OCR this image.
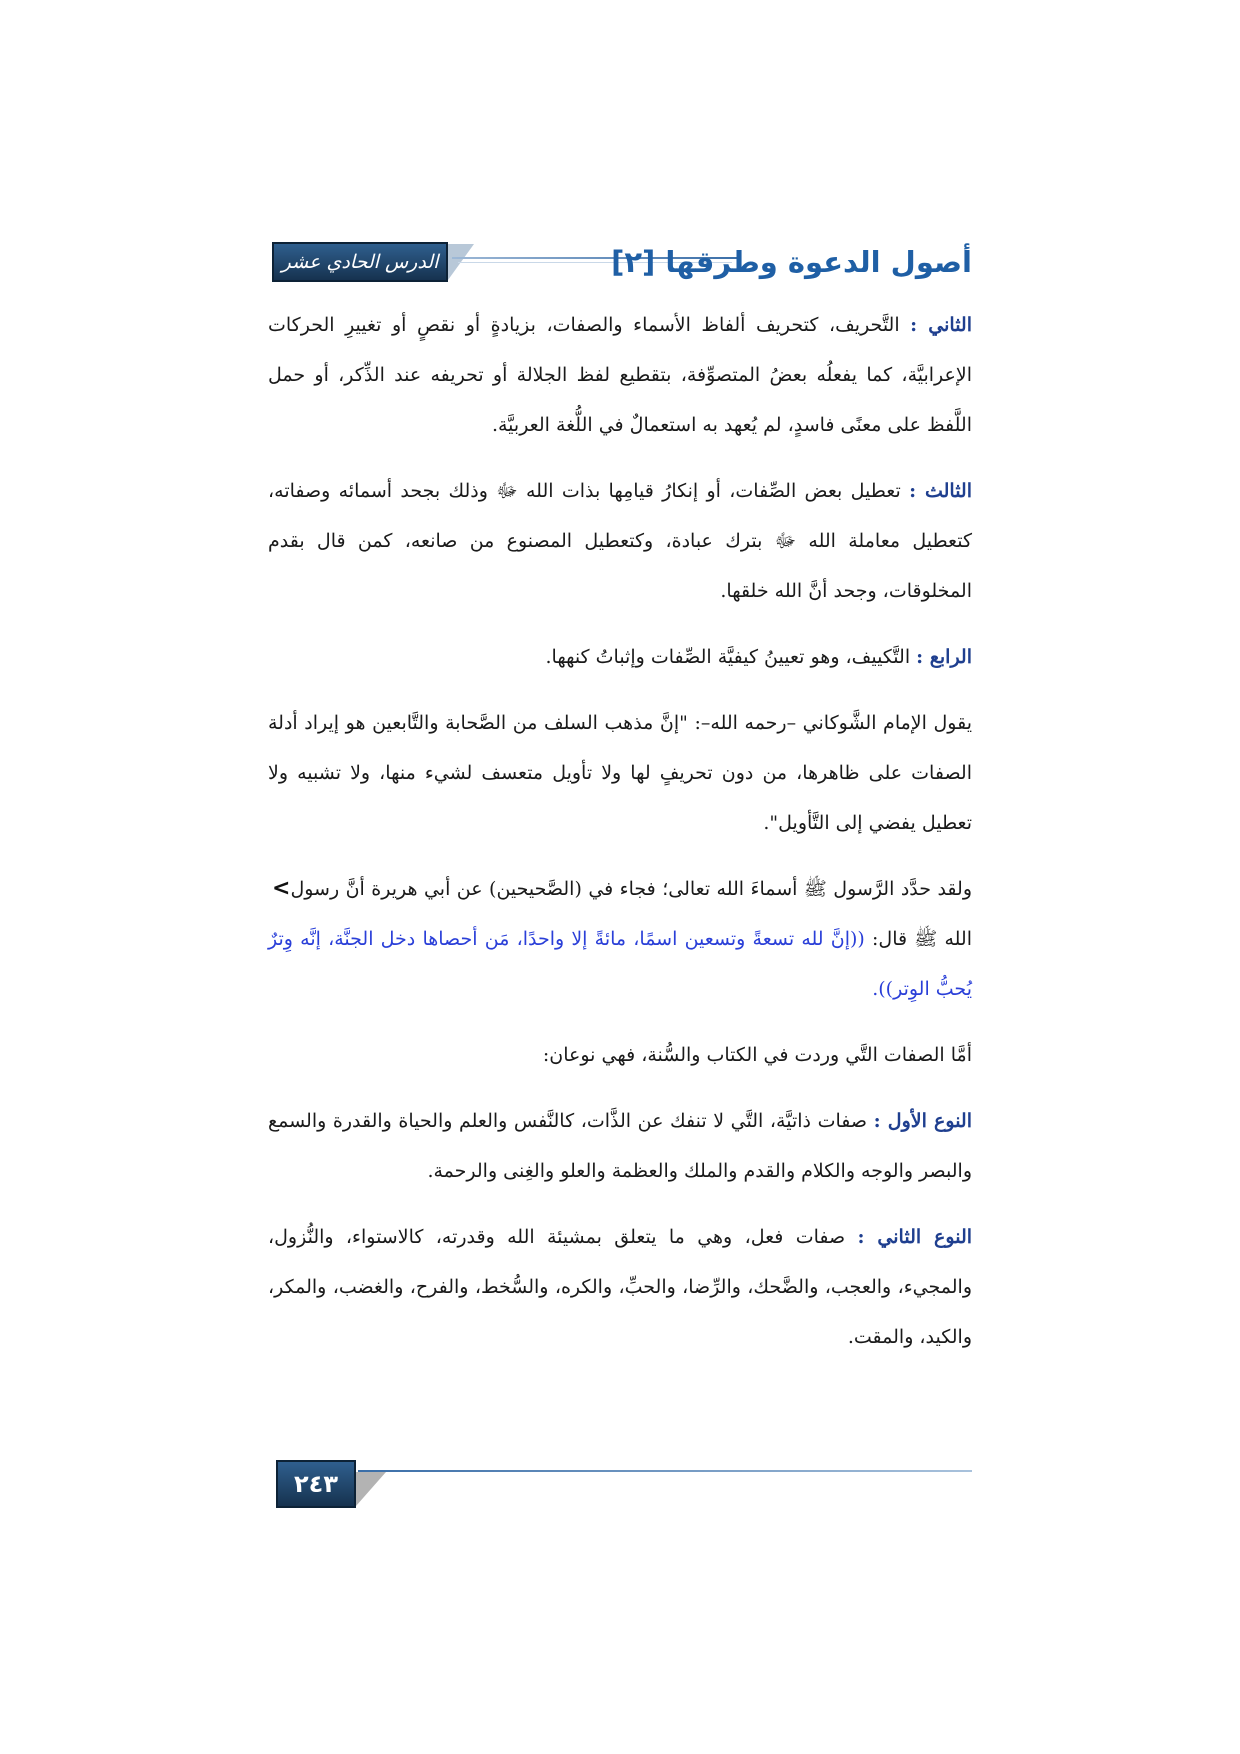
الدرس الحادي عشر	أصول الدعوة وطرقها [٢]

الثاني : التَّحريف، كتحريف ألفاظ الأسماء والصفات، بزيادةٍ أو نقصٍ أو تغييرِ الحركات الإعرابيَّة، كما يفعلُه بعضُ المتصوِّفة، بتقطيع لفظ الجلالة أو تحريفه عند الذِّكر، أو حمل اللَّفظ على معنًى فاسدٍ، لم يُعهد به استعمالٌ في اللُّغة العربيَّة.

الثالث : تعطيل بعض الصِّفات، أو إنكارُ قيامِها بذات الله ﷻ وذلك بجحد أسمائه وصفاته، كتعطيل معاملة الله ﷻ بترك عبادة، وكتعطيل المصنوع من صانعه، كمن قال بقدم المخلوقات، وجحد أنَّ الله خلقها.

الرابع : التَّكييف، وهو تعيينُ كيفيَّة الصِّفات وإثباتُ كنهها.

يقول الإمام الشَّوكاني –رحمه الله–: "إنَّ مذهب السلف من الصَّحابة والتَّابعين هو إيراد أدلة الصفات على ظاهرها، من دون تحريفٍ لها ولا تأويل متعسف لشيء منها، ولا تشبيه ولا تعطيل يفضي إلى التَّأويل".

> ولقد حدَّد الرَّسول ﷺ أسماءَ الله تعالى؛ فجاء في (الصَّحيحين) عن أبي هريرة أنَّ رسول الله ﷺ قال: ((إنَّ لله تسعةً وتسعين اسمًا، مائةً إلا واحدًا، مَن أحصاها دخل الجنَّة، إنَّه وِترٌ يُحبُّ الوِتر)).

أمَّا الصفات التَّي وردت في الكتاب والسُّنة، فهي نوعان:

النوع الأول : صفات ذاتيَّة، التَّي لا تنفك عن الذَّات، كالنَّفس والعلم والحياة والقدرة والسمع والبصر والوجه والكلام والقدم والملك والعظمة والعلو والغِنى والرحمة.

النوع الثاني : صفات فعل، وهي ما يتعلق بمشيئة الله وقدرته، كالاستواء، والنُّزول، والمجيء، والعجب، والضَّحك، والرِّضا، والحبِّ، والكره، والسُّخط، والفرح، والغضب، والمكر، والكيد، والمقت.

٢٤٣
